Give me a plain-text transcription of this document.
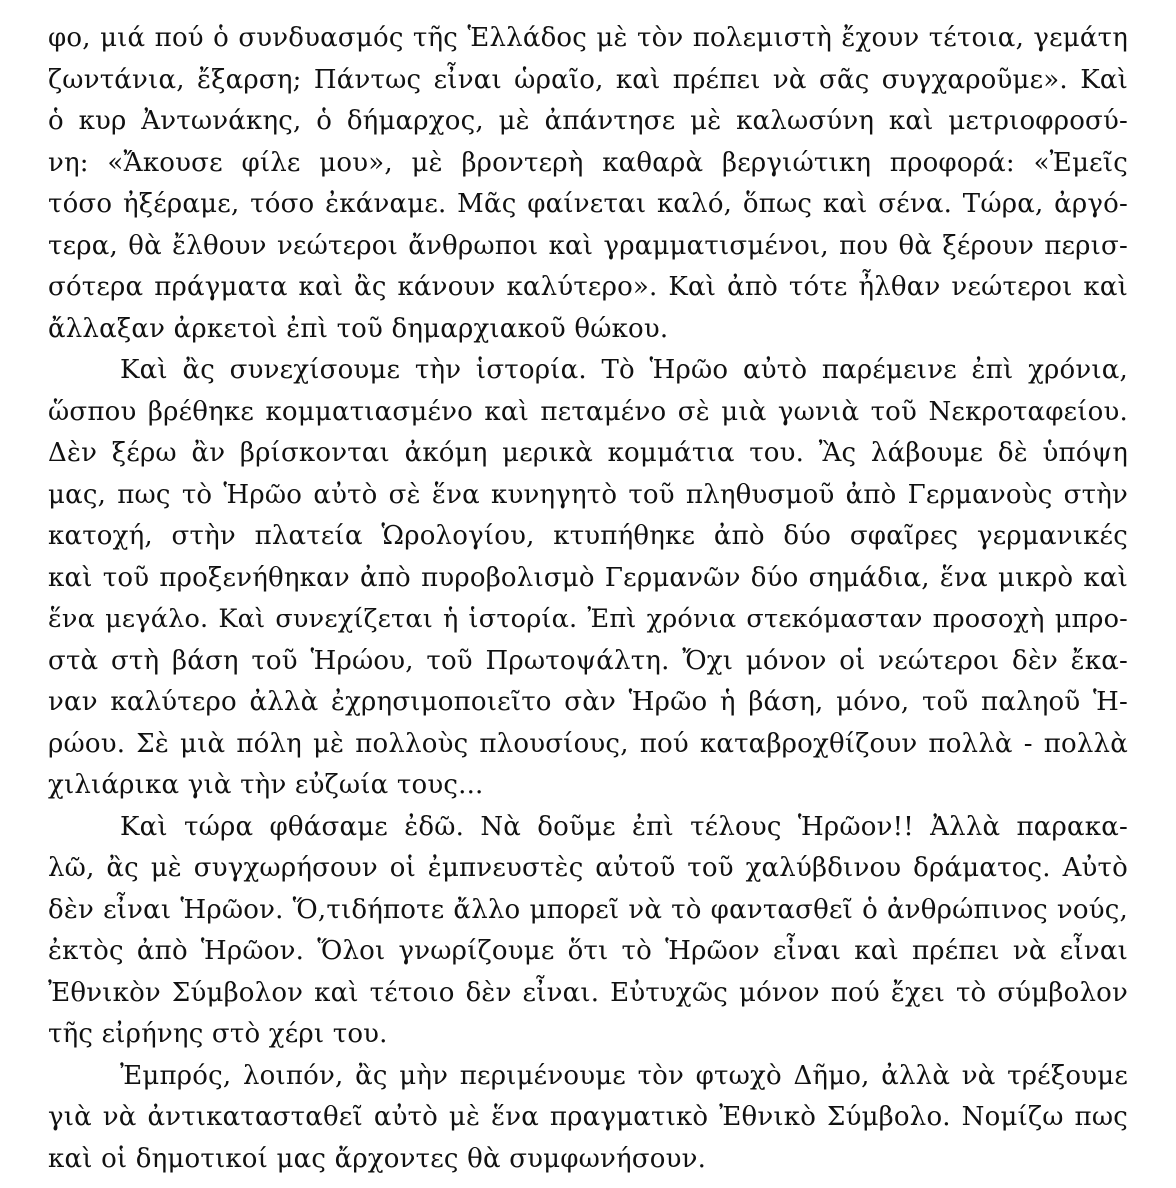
φο, μιά πού ὁ συνδυασμός τῆς Ἑλλάδος μὲ τὸν πολεμιστὴ ἔχουν τέτοια, γεμάτη
ζωντάνια, ἔξαρση; Πάντως εἶναι ὡραῖο, καὶ πρέπει νὰ σᾶς συγχαροῦμε». Καὶ
ὁ κυρ Ἀντωνάκης, ὁ δήμαρχος, μὲ ἀπάντησε μὲ καλωσύνη καὶ μετριοφροσύ-
νη: «Ἄκουσε φίλε μου», μὲ βροντερὴ καθαρὰ βεργιώτικη προφορά: «Ἐμεῖς
τόσο ἠξέραμε, τόσο ἐκάναμε. Μᾶς φαίνεται καλό, ὅπως καὶ σένα. Τώρα, ἀργό-
τερα, θὰ ἔλθουν νεώτεροι ἄνθρωποι καὶ γραμματισμένοι, που θὰ ξέρουν περισ-
σότερα πράγματα καὶ ἂς κάνουν καλύτερο». Καὶ ἀπὸ τότε ἦλθαν νεώτεροι καὶ
ἄλλαξαν ἀρκετοὶ ἐπὶ τοῦ δημαρχιακοῦ θώκου.
Καὶ ἂς συνεχίσουμε τὴν ἱστορία. Τὸ Ἡρῶο αὐτὸ παρέμεινε ἐπὶ χρόνια,
ὥσπου βρέθηκε κομματιασμένο καὶ πεταμένο σὲ μιὰ γωνιὰ τοῦ Νεκροταφείου.
Δὲν ξέρω ἂν βρίσκονται ἀκόμη μερικὰ κομμάτια του. Ἂς λάβουμε δὲ ὑπόψη
μας, πως τὸ Ἡρῶο αὐτὸ σὲ ἕνα κυνηγητὸ τοῦ πληθυσμοῦ ἀπὸ Γερμανοὺς στὴν
κατοχή, στὴν πλατεία Ὡρολογίου, κτυπήθηκε ἀπὸ δύο σφαῖρες γερμανικές
καὶ τοῦ προξενήθηκαν ἀπὸ πυροβολισμὸ Γερμανῶν δύο σημάδια, ἕνα μικρὸ καὶ
ἕνα μεγάλο. Καὶ συνεχίζεται ἡ ἱστορία. Ἐπὶ χρόνια στεκόμασταν προσοχὴ μπρο-
στὰ στὴ βάση τοῦ Ἡρώου, τοῦ Πρωτοψάλτη. Ὄχι μόνον οἱ νεώτεροι δὲν ἔκα-
ναν καλύτερο ἀλλὰ ἐχρησιμοποιεῖτο σὰν Ἡρῶο ἡ βάση, μόνο, τοῦ παληοῦ Ἡ-
ρώου. Σὲ μιὰ πόλη μὲ πολλοὺς πλουσίους, πού καταβροχθίζουν πολλὰ - πολλὰ
χιλιάρικα γιὰ τὴν εὐζωία τους...
Καὶ τώρα φθάσαμε ἐδῶ. Νὰ δοῦμε ἐπὶ τέλους Ἡρῶον!! Ἀλλὰ παρακα-
λῶ, ἂς μὲ συγχωρήσουν οἱ ἐμπνευστὲς αὐτοῦ τοῦ χαλύβδινου δράματος. Αὐτὸ
δὲν εἶναι Ἡρῶον. Ὅ,τιδήποτε ἄλλο μπορεῖ νὰ τὸ φαντασθεῖ ὁ ἀνθρώπινος νούς,
ἐκτὸς ἀπὸ Ἡρῶον. Ὅλοι γνωρίζουμε ὅτι τὸ Ἡρῶον εἶναι καὶ πρέπει νὰ εἶναι
Ἐθνικὸν Σύμβολον καὶ τέτοιο δὲν εἶναι. Εὐτυχῶς μόνον πού ἔχει τὸ σύμβολον
τῆς εἰρήνης στὸ χέρι του.
Ἐμπρός, λοιπόν, ἂς μὴν περιμένουμε τὸν φτωχὸ Δῆμο, ἀλλὰ νὰ τρέξουμε
γιὰ νὰ ἀντικατασταθεῖ αὐτὸ μὲ ἕνα πραγματικὸ Ἐθνικὸ Σύμβολο. Νομίζω πως
καὶ οἱ δημοτικοί μας ἄρχοντες θὰ συμφωνήσουν.
